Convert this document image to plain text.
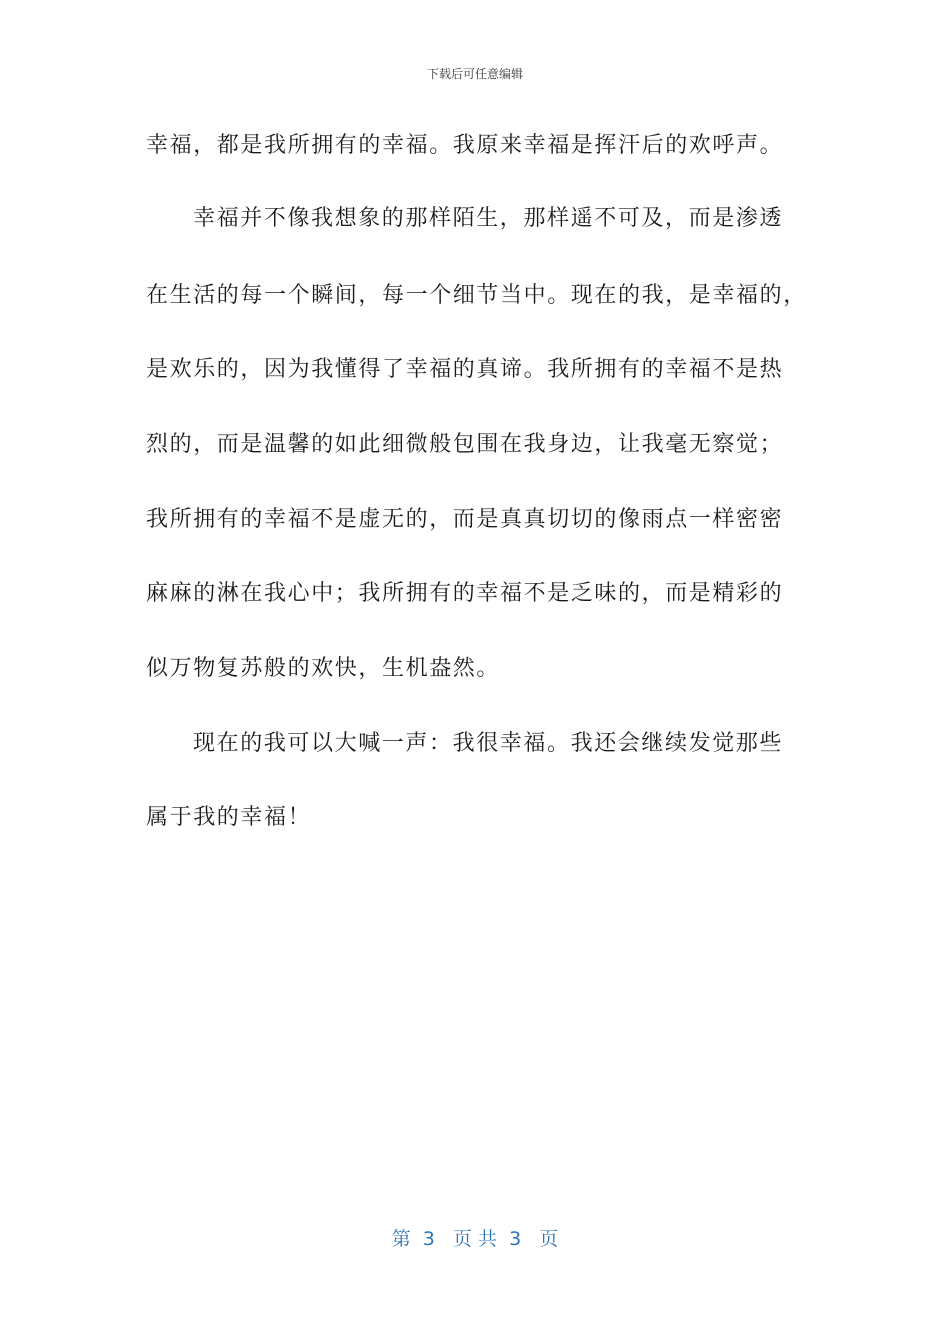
下载后可任意编辑
幸福，都是我所拥有的幸福。我原来幸福是挥汗后的欢呼声。
幸福并不像我想象的那样陌生，那样遥不可及，而是渗透
在生活的每一个瞬间，每一个细节当中。现在的我，是幸福的，
是欢乐的，因为我懂得了幸福的真谛。我所拥有的幸福不是热
烈的，而是温馨的如此细微般包围在我身边，让我毫无察觉；
我所拥有的幸福不是虚无的，而是真真切切的像雨点一样密密
麻麻的淋在我心中；我所拥有的幸福不是乏味的，而是精彩的
似万物复苏般的欢快，生机盎然。
现在的我可以大喊一声：我很幸福。我还会继续发觉那些
属于我的幸福！
第  3   页 共  3   页
